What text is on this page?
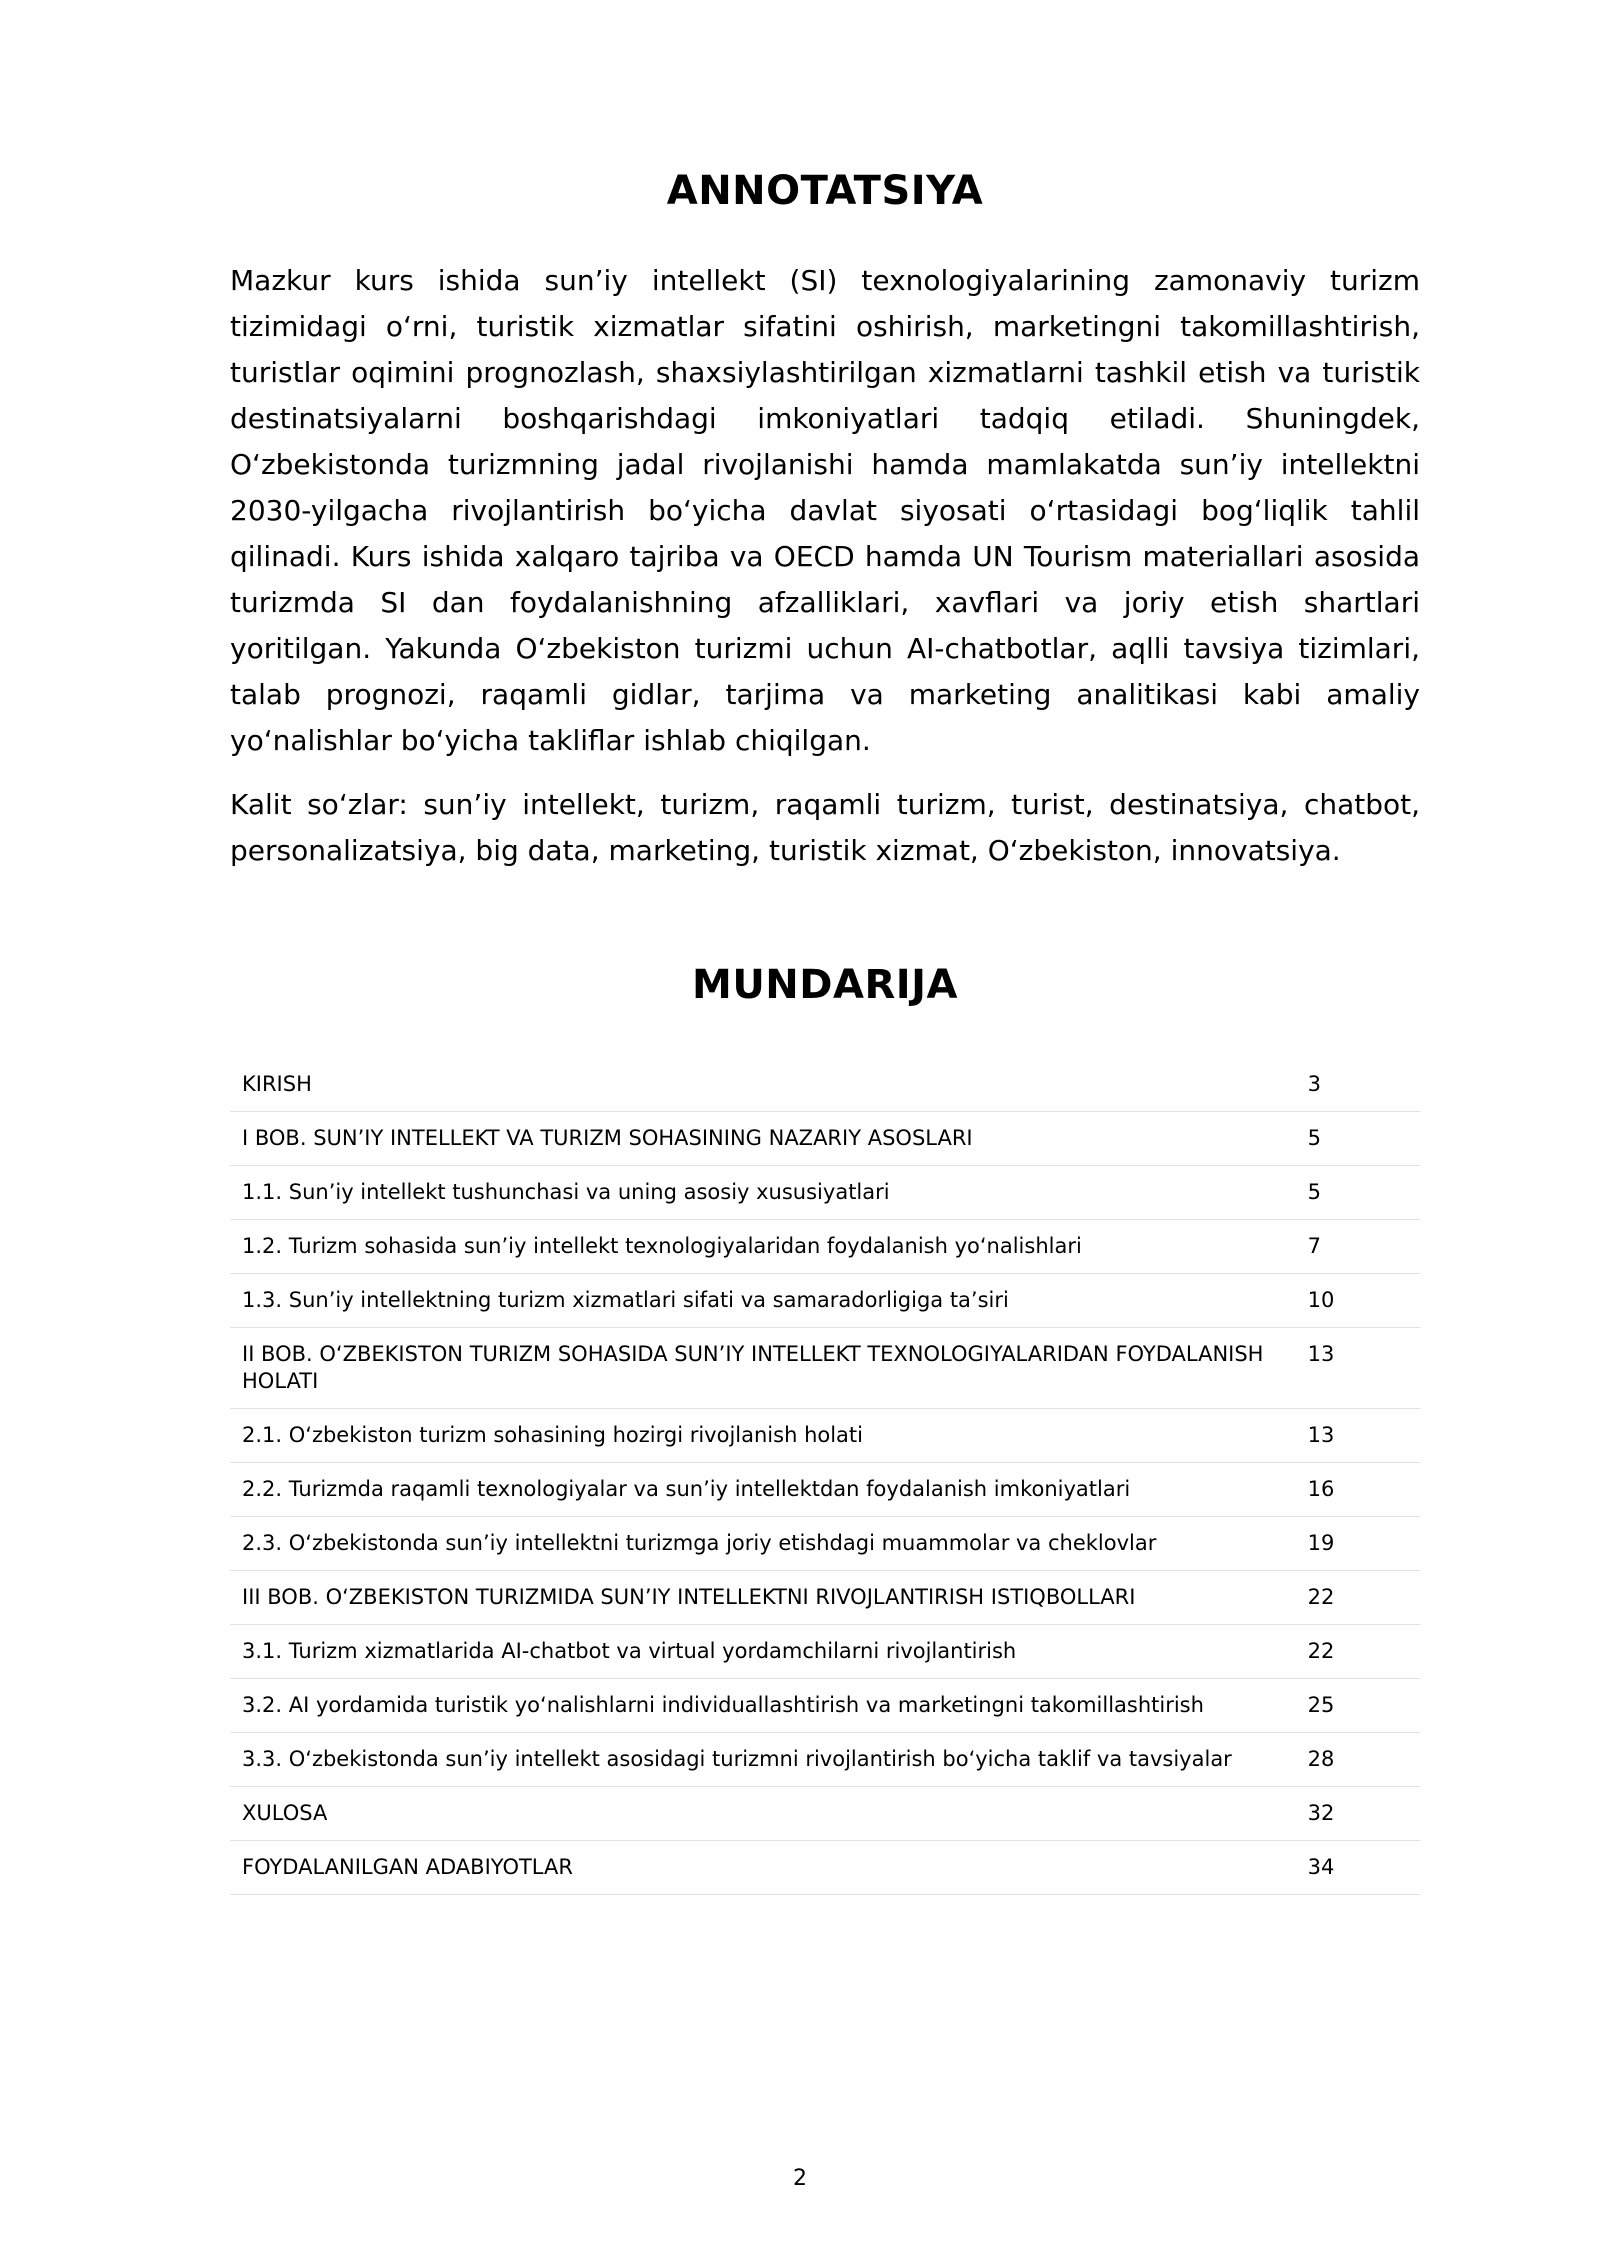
ANNOTATSIYA

Mazkur kurs ishida sun’iy intellekt (SI) texnologiyalarining zamonaviy turizm tizimidagi o‘rni, turistik xizmatlar sifatini oshirish, marketingni takomillashtirish, turistlar oqimini prognozlash, shaxsiylashtirilgan xizmatlarni tashkil etish va turistik destinatsiyalarni boshqarishdagi imkoniyatlari tadqiq etiladi. Shuningdek, O‘zbekistonda turizmning jadal rivojlanishi hamda mamlakatda sun’iy intellektni 2030-yilgacha rivojlantirish bo‘yicha davlat siyosati o‘rtasidagi bog‘liqlik tahlil qilinadi. Kurs ishida xalqaro tajriba va OECD hamda UN Tourism materiallari asosida turizmda SI dan foydalanishning afzalliklari, xavflari va joriy etish shartlari yoritilgan. Yakunda O‘zbekiston turizmi uchun AI-chatbotlar, aqlli tavsiya tizimlari, talab prognozi, raqamli gidlar, tarjima va marketing analitikasi kabi amaliy yo‘nalishlar bo‘yicha takliflar ishlab chiqilgan.

Kalit so‘zlar: sun’iy intellekt, turizm, raqamli turizm, turist, destinatsiya, chatbot, personalizatsiya, big data, marketing, turistik xizmat, O‘zbekiston, innovatsiya.

MUNDARIJA
KIRISH	3
I BOB. SUN’IY INTELLEKT VA TURIZM SOHASINING NAZARIY ASOSLARI	5
1.1. Sun’iy intellekt tushunchasi va uning asosiy xususiyatlari	5
1.2. Turizm sohasida sun’iy intellekt texnologiyalaridan foydalanish yo‘nalishlari	7
1.3. Sun’iy intellektning turizm xizmatlari sifati va samaradorligiga ta’siri	10
II BOB. O‘ZBEKISTON TURIZM SOHASIDA SUN’IY INTELLEKT TEXNOLOGIYALARIDAN FOYDALANISH HOLATI	13
2.1. O‘zbekiston turizm sohasining hozirgi rivojlanish holati	13
2.2. Turizmda raqamli texnologiyalar va sun’iy intellektdan foydalanish imkoniyatlari	16
2.3. O‘zbekistonda sun’iy intellektni turizmga joriy etishdagi muammolar va cheklovlar	19
III BOB. O‘ZBEKISTON TURIZMIDA SUN’IY INTELLEKTNI RIVOJLANTIRISH ISTIQBOLLARI	22
3.1. Turizm xizmatlarida AI-chatbot va virtual yordamchilarni rivojlantirish	22
3.2. AI yordamida turistik yo‘nalishlarni individuallashtirish va marketingni takomillashtirish	25
3.3. O‘zbekistonda sun’iy intellekt asosidagi turizmni rivojlantirish bo‘yicha taklif va tavsiyalar	28
XULOSA	32
FOYDALANILGAN ADABIYOTLAR	34
2
